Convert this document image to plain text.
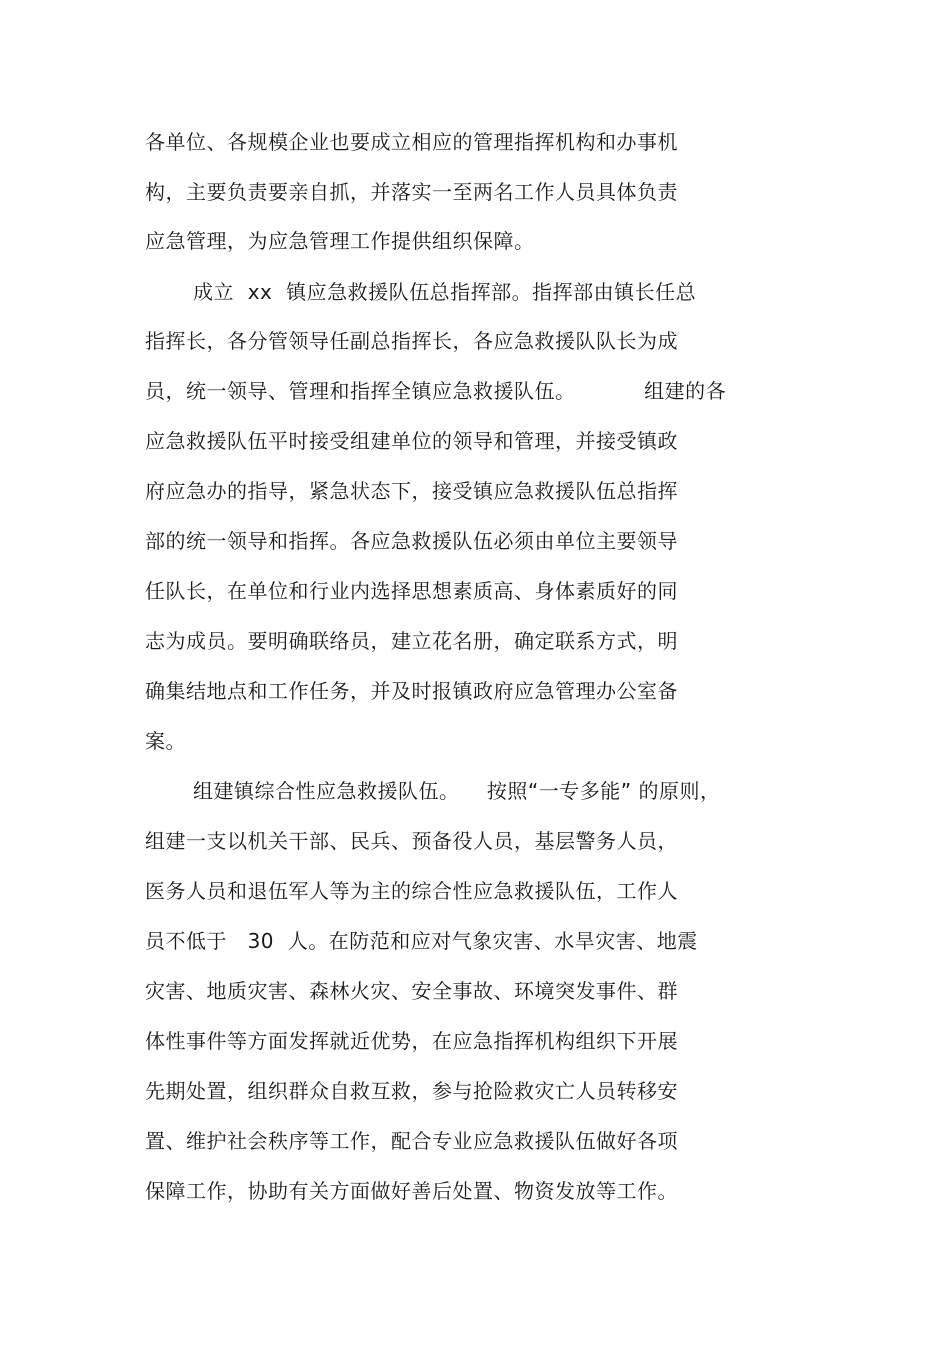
各单位、各规模企业也要成立相应的管理指挥机构和办事机
构，主要负责要亲自抓，并落实一至两名工作人员具体负责
应急管理，为应急管理工作提供组织保障。
成立  xx  镇应急救援队伍总指挥部。指挥部由镇长任总
指挥长，各分管领导任副总指挥长，各应急救援队队长为成
员，统一领导、管理和指挥全镇应急救援队伍。          组建的各
应急救援队伍平时接受组建单位的领导和管理，并接受镇政
府应急办的指导，紧急状态下，接受镇应急救援队伍总指挥
部的统一领导和指挥。各应急救援队伍必须由单位主要领导
任队长，在单位和行业内选择思想素质高、身体素质好的同
志为成员。要明确联络员，建立花名册，确定联系方式，明
确集结地点和工作任务，并及时报镇政府应急管理办公室备
案。
组建镇综合性应急救援队伍。    按照“一专多能” 的原则，
组建一支以机关干部、民兵、预备役人员，基层警务人员，
医务人员和退伍军人等为主的综合性应急救援队伍，工作人
员不低于   30  人。在防范和应对气象灾害、水旱灾害、地震
灾害、地质灾害、森林火灾、安全事故、环境突发事件、群
体性事件等方面发挥就近优势，在应急指挥机构组织下开展
先期处置，组织群众自救互救，参与抢险救灾亡人员转移安
置、维护社会秩序等工作，配合专业应急救援队伍做好各项
保障工作，协助有关方面做好善后处置、物资发放等工作。
